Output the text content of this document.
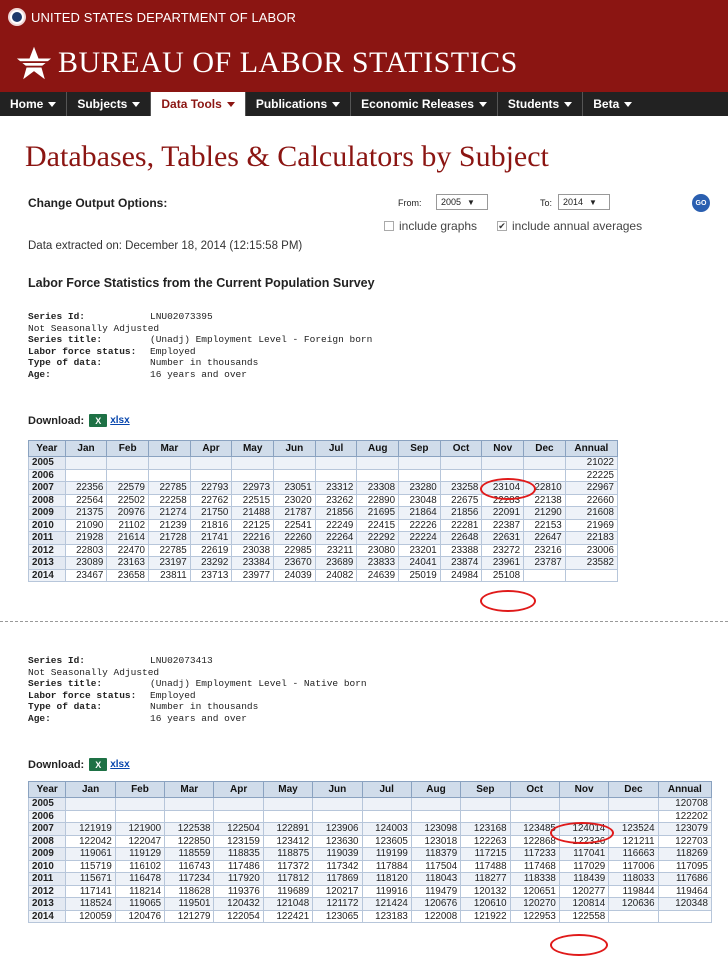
UNITED STATES DEPARTMENT OF LABOR
BUREAU OF LABOR STATISTICS
Home	Subjects	Data Tools	Publications	Economic Releases	Students	Beta
Databases, Tables & Calculators by Subject
Change Output Options:	From: 2005 ▼	To: 2014 ▼	GO
include graphs ✔ include annual averages
Data extracted on: December 18, 2014 (12:15:58 PM)
Labor Force Statistics from the Current Population Survey
Series Id:	LNU02073395
Not Seasonally Adjusted
Series title:	(Unadj) Employment Level - Foreign born
Labor force status:	Employed
Type of data:	Number in thousands
Age:	16 years and over
Download:	X xlsx
Year	Jan	Feb	Mar	Apr	May	Jun	Jul	Aug	Sep	Oct	Nov	Dec	Annual
2005													21022
2006													22225
2007	22356	22579	22785	22793	22973	23051	23312	23308	23280	23258	23104	22810	22967
2008	22564	22502	22258	22762	22515	23020	23262	22890	23048	22675	22283	22138	22660
2009	21375	20976	21274	21750	21488	21787	21856	21695	21864	21856	22091	21290	21608
2010	21090	21102	21239	21816	22125	22541	22249	22415	22226	22281	22387	22153	21969
2011	21928	21614	21728	21741	22216	22260	22264	22292	22224	22648	22631	22647	22183
2012	22803	22470	22785	22619	23038	22985	23211	23080	23201	23388	23272	23216	23006
2013	23089	23163	23197	23292	23384	23670	23689	23833	24041	23874	23961	23787	23582
2014	23467	23658	23811	23713	23977	24039	24082	24639	25019	24984	25108		
Series Id:	LNU02073413
Not Seasonally Adjusted
Series title:	(Unadj) Employment Level - Native born
Labor force status:	Employed
Type of data:	Number in thousands
Age:	16 years and over
Download:	X xlsx
Year	Jan	Feb	Mar	Apr	May	Jun	Jul	Aug	Sep	Oct	Nov	Dec	Annual
2005													120708
2006													122202
2007	121919	121900	122538	122504	122891	123906	124003	123098	123168	123485	124014	123524	123079
2008	122042	122047	122850	123159	123412	123630	123605	123018	122263	122868	122326	121211	122703
2009	119061	119129	118559	118835	118875	119039	119199	118379	117215	117233	117041	116663	118269
2010	115719	116102	116743	117486	117372	117342	117884	117504	117488	117468	117029	117006	117095
2011	115671	116478	117234	117920	117812	117869	118120	118043	118277	118338	118439	118033	117686
2012	117141	118214	118628	119376	119689	120217	119916	119479	120132	120651	120277	119844	119464
2013	118524	119065	119501	120432	121048	121172	121424	120676	120610	120270	120814	120636	120348
2014	120059	120476	121279	122054	122421	123065	123183	122008	121922	122953	122558		
